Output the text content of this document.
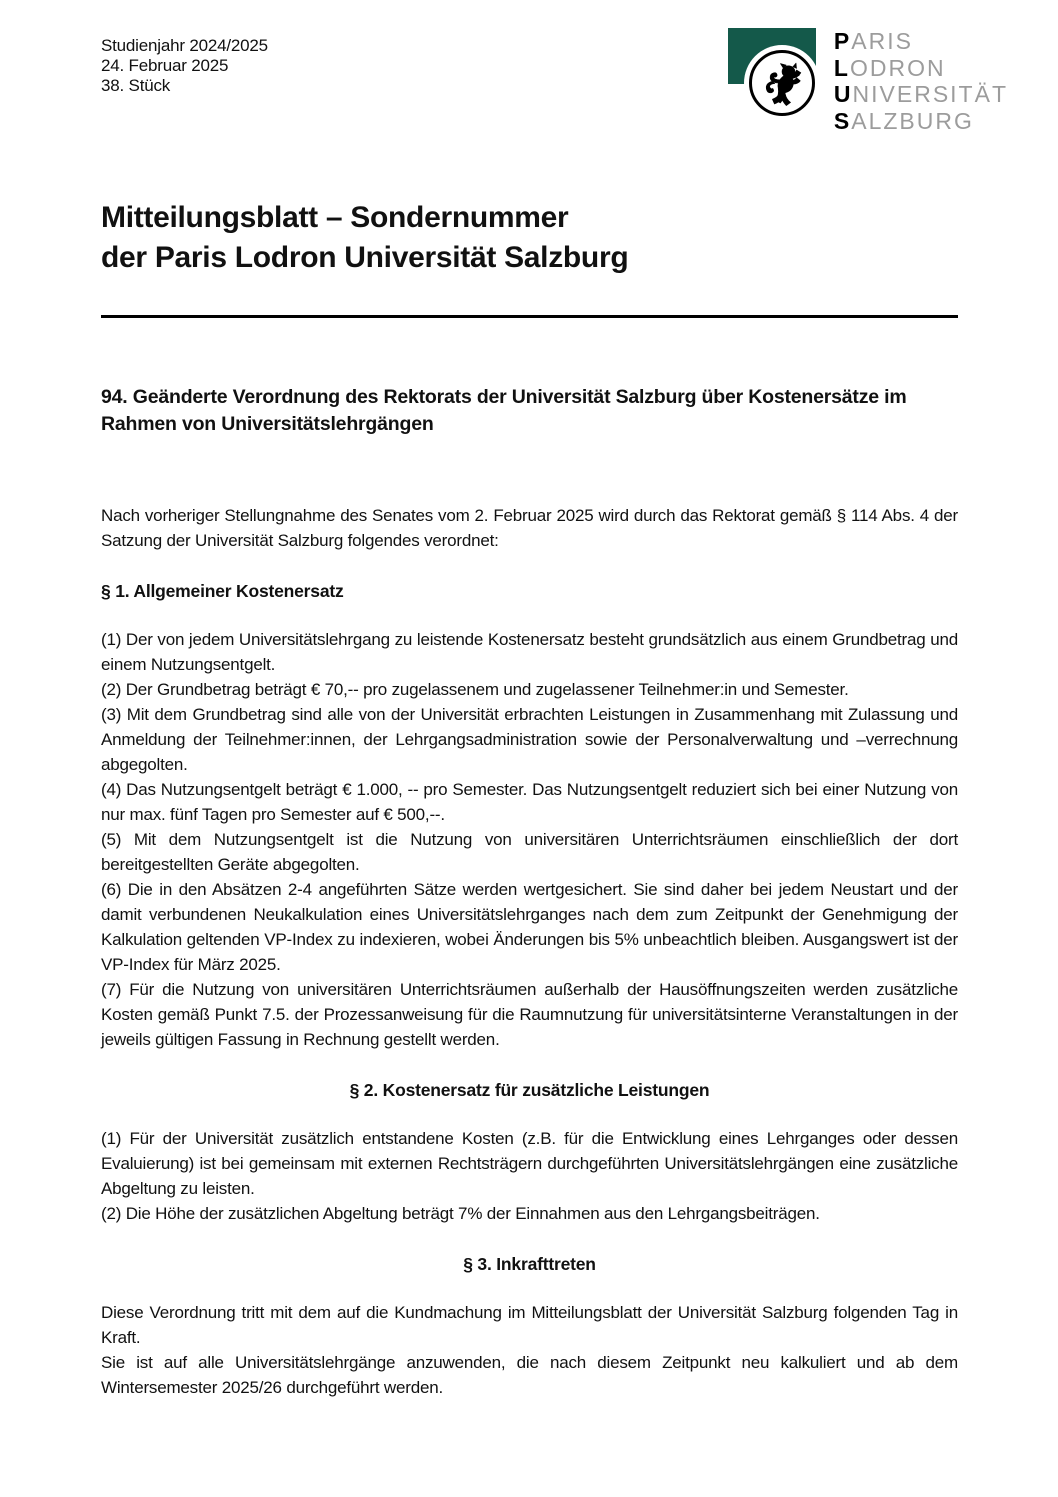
Studienjahr 2024/2025
24. Februar 2025
38. Stück
PARIS
LODRON
UNIVERSITÄT
SALZBURG
Mitteilungsblatt – Sondernummer
der Paris Lodron Universität Salzburg
94. Geänderte Verordnung des Rektorats der Universität Salzburg über Kostenersätze im Rahmen von Universitätslehrgängen

Nach vorheriger Stellungnahme des Senates vom 2. Februar 2025 wird durch das Rektorat gemäß § 114 Abs. 4 der Satzung der Universität Salzburg folgendes verordnet:

§ 1. Allgemeiner Kostenersatz

(1) Der von jedem Universitätslehrgang zu leistende Kostenersatz besteht grundsätzlich aus einem Grundbetrag und einem Nutzungsentgelt.

(2) Der Grundbetrag beträgt € 70,-- pro zugelassenem und zugelassener Teilnehmer:in und Semester.

(3) Mit dem Grundbetrag sind alle von der Universität erbrachten Leistungen in Zusammenhang mit Zulassung und Anmeldung der Teilnehmer:innen, der Lehrgangsadministration sowie der Personalverwaltung und –verrechnung abgegolten.

(4) Das Nutzungsentgelt beträgt € 1.000, -- pro Semester. Das Nutzungsentgelt reduziert sich bei einer Nutzung von nur max. fünf Tagen pro Semester auf € 500,--.

(5) Mit dem Nutzungsentgelt ist die Nutzung von universitären Unterrichtsräumen einschließlich der dort bereitgestellten Geräte abgegolten.

(6) Die in den Absätzen 2-4 angeführten Sätze werden wertgesichert. Sie sind daher bei jedem Neustart und der damit verbundenen Neukalkulation eines Universitätslehrganges nach dem zum Zeitpunkt der Genehmigung der Kalkulation geltenden VP-Index zu indexieren, wobei Änderungen bis 5% unbeachtlich bleiben. Ausgangswert ist der VP-Index für März 2025.

(7) Für die Nutzung von universitären Unterrichtsräumen außerhalb der Hausöffnungszeiten werden zusätzliche Kosten gemäß Punkt 7.5. der Prozessanweisung für die Raumnutzung für universitätsinterne Veranstaltungen in der jeweils gültigen Fassung in Rechnung gestellt werden.

§ 2. Kostenersatz für zusätzliche Leistungen

(1) Für der Universität zusätzlich entstandene Kosten (z.B. für die Entwicklung eines Lehrganges oder dessen Evaluierung) ist bei gemeinsam mit externen Rechtsträgern durchgeführten Universitätslehrgängen eine zusätzliche Abgeltung zu leisten.

(2) Die Höhe der zusätzlichen Abgeltung beträgt 7% der Einnahmen aus den Lehrgangsbeiträgen.

§ 3. Inkrafttreten

Diese Verordnung tritt mit dem auf die Kundmachung im Mitteilungsblatt der Universität Salzburg folgenden Tag in Kraft.

Sie ist auf alle Universitätslehrgänge anzuwenden, die nach diesem Zeitpunkt neu kalkuliert und ab dem Wintersemester 2025/26 durchgeführt werden.
